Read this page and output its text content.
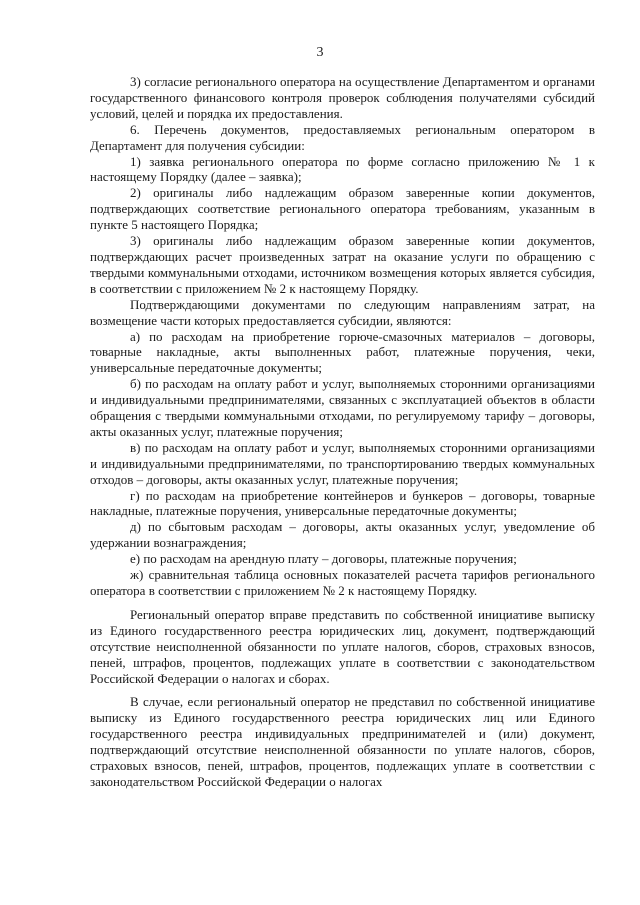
3

3) согласие регионального оператора на осуществление Департаментом и органами государственного финансового контроля проверок соблюдения получателями субсидий условий, целей и порядка их предоставления.

6. Перечень документов, предоставляемых региональным оператором в Департамент для получения субсидии:

1) заявка регионального оператора по форме согласно приложению № 1 к настоящему Порядку (далее – заявка);

2) оригиналы либо надлежащим образом заверенные копии документов, подтверждающих соответствие регионального оператора требованиям, указанным в пункте 5 настоящего Порядка;

3) оригиналы либо надлежащим образом заверенные копии документов, подтверждающих расчет произведенных затрат на оказание услуги по обращению с твердыми коммунальными отходами, источником возмещения которых является субсидия, в соответствии с приложением № 2 к настоящему Порядку.

Подтверждающими документами по следующим направлениям затрат, на возмещение части которых предоставляется субсидии, являются:

а) по расходам на приобретение горюче-смазочных материалов – договоры, товарные накладные, акты выполненных работ, платежные поручения, чеки, универсальные передаточные документы;

б) по расходам на оплату работ и услуг, выполняемых сторонними организациями и индивидуальными предпринимателями, связанных с эксплуатацией объектов в области обращения с твердыми коммунальными отходами, по регулируемому тарифу – договоры, акты оказанных услуг, платежные поручения;

в) по расходам на оплату работ и услуг, выполняемых сторонними организациями и индивидуальными предпринимателями, по транспортированию твердых коммунальных отходов – договоры, акты оказанных услуг, платежные поручения;

г) по расходам на приобретение контейнеров и бункеров – договоры, товарные накладные, платежные поручения, универсальные передаточные документы;

д) по сбытовым расходам – договоры, акты оказанных услуг, уведомление об удержании вознаграждения;

е) по расходам на арендную плату – договоры, платежные поручения;

ж) сравнительная таблица основных показателей расчета тарифов регионального оператора в соответствии с приложением № 2 к настоящему Порядку.

Региональный оператор вправе представить по собственной инициативе выписку из Единого государственного реестра юридических лиц, документ, подтверждающий отсутствие неисполненной обязанности по уплате налогов, сборов, страховых взносов, пеней, штрафов, процентов, подлежащих уплате в соответствии с законодательством Российской Федерации о налогах и сборах.

В случае, если региональный оператор не представил по собственной инициативе выписку из Единого государственного реестра юридических лиц или Единого государственного реестра индивидуальных предпринимателей и (или) документ, подтверждающий отсутствие неисполненной обязанности по уплате налогов, сборов, страховых взносов, пеней, штрафов, процентов, подлежащих уплате в соответствии с законодательством Российской Федерации о налогах
